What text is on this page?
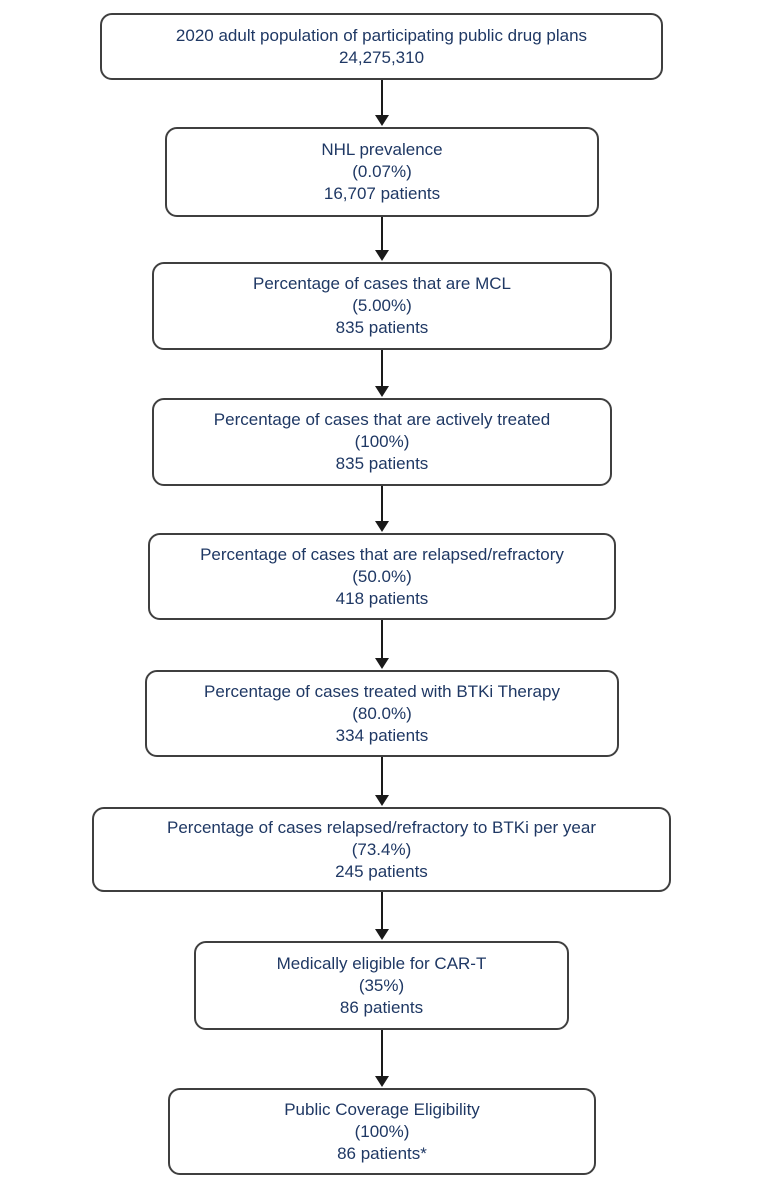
2020 adult population of participating public drug plans
24,275,310
NHL prevalence
(0.07%)
16,707 patients
Percentage of cases that are MCL
(5.00%)
835 patients
Percentage of cases that are actively treated
(100%)
835 patients
Percentage of cases that are relapsed/refractory
(50.0%)
418 patients
Percentage of cases treated with BTKi Therapy
(80.0%)
334 patients
Percentage of cases relapsed/refractory to BTKi per year
(73.4%)
245 patients
Medically eligible for CAR-T
(35%)
86 patients
Public Coverage Eligibility
(100%)
86 patients*
